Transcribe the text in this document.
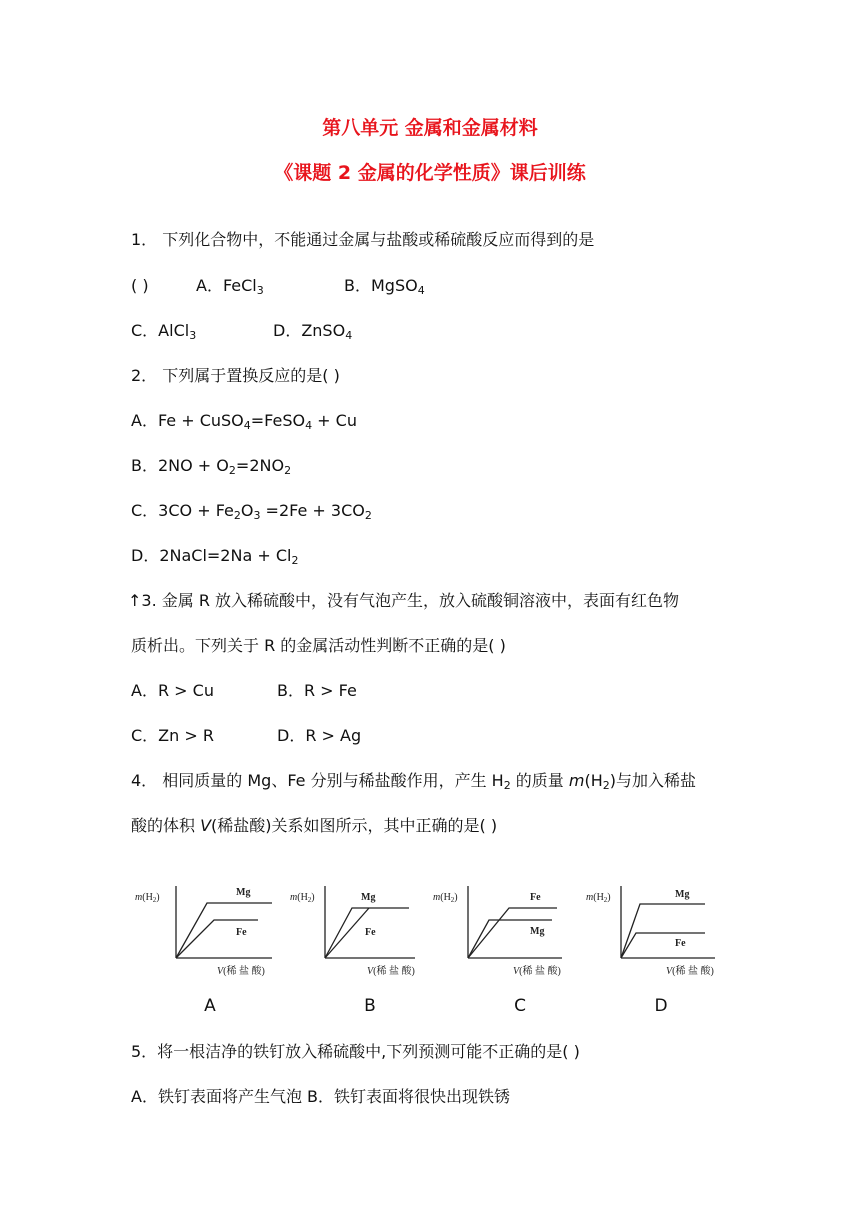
第八单元 金属和金属材料
《课题 2 金属的化学性质》课后训练
1． 下列化合物中，不能通过金属与盐酸或稀硫酸反应而得到的是
( )	A．FeCl$_3$	B．MgSO$_4$
C．AlCl$_3$	D．ZnSO$_4$
2． 下列属于置换反应的是( )
A．Fe + CuSO$_4$=FeSO$_4$ + Cu
B．$2NO + O_2=2NO_2$
C．$3CO + Fe_2O_3 =2Fe + 3CO_2$
D．2NaCl=2Na + $Cl_2$
↑3. 金属 R 放入稀硫酸中，没有气泡产生，放入硫酸铜溶液中，表面有红色物
质析出。下列关于 R 的金属活动性判断不正确的是( )
A．R > Cu	B．R > Fe
C．Zn > R	D．R > Ag
4． 相同质量的 Mg、Fe 分别与稀盐酸作用，产生 $H_2$ 的质量 $m(H_2)$与加入稀盐
酸的体积 V(稀盐酸)关系如图所示，其中正确的是( )
$m(H_2)$	Mg
Fe
V(稀 盐 酸)
$m(H_2)$	Mg
Fe
V(稀 盐 酸)
$m(H_2)$	Fe
Mg
V(稀 盐 酸)
$m(H_2)$	Mg
Fe
V(稀 盐 酸)
A	B	C	D
5．将一根洁净的铁钉放入稀硫酸中,下列预测可能不正确的是( )
A．铁钉表面将产生气泡 B．铁钉表面将很快出现铁锈
